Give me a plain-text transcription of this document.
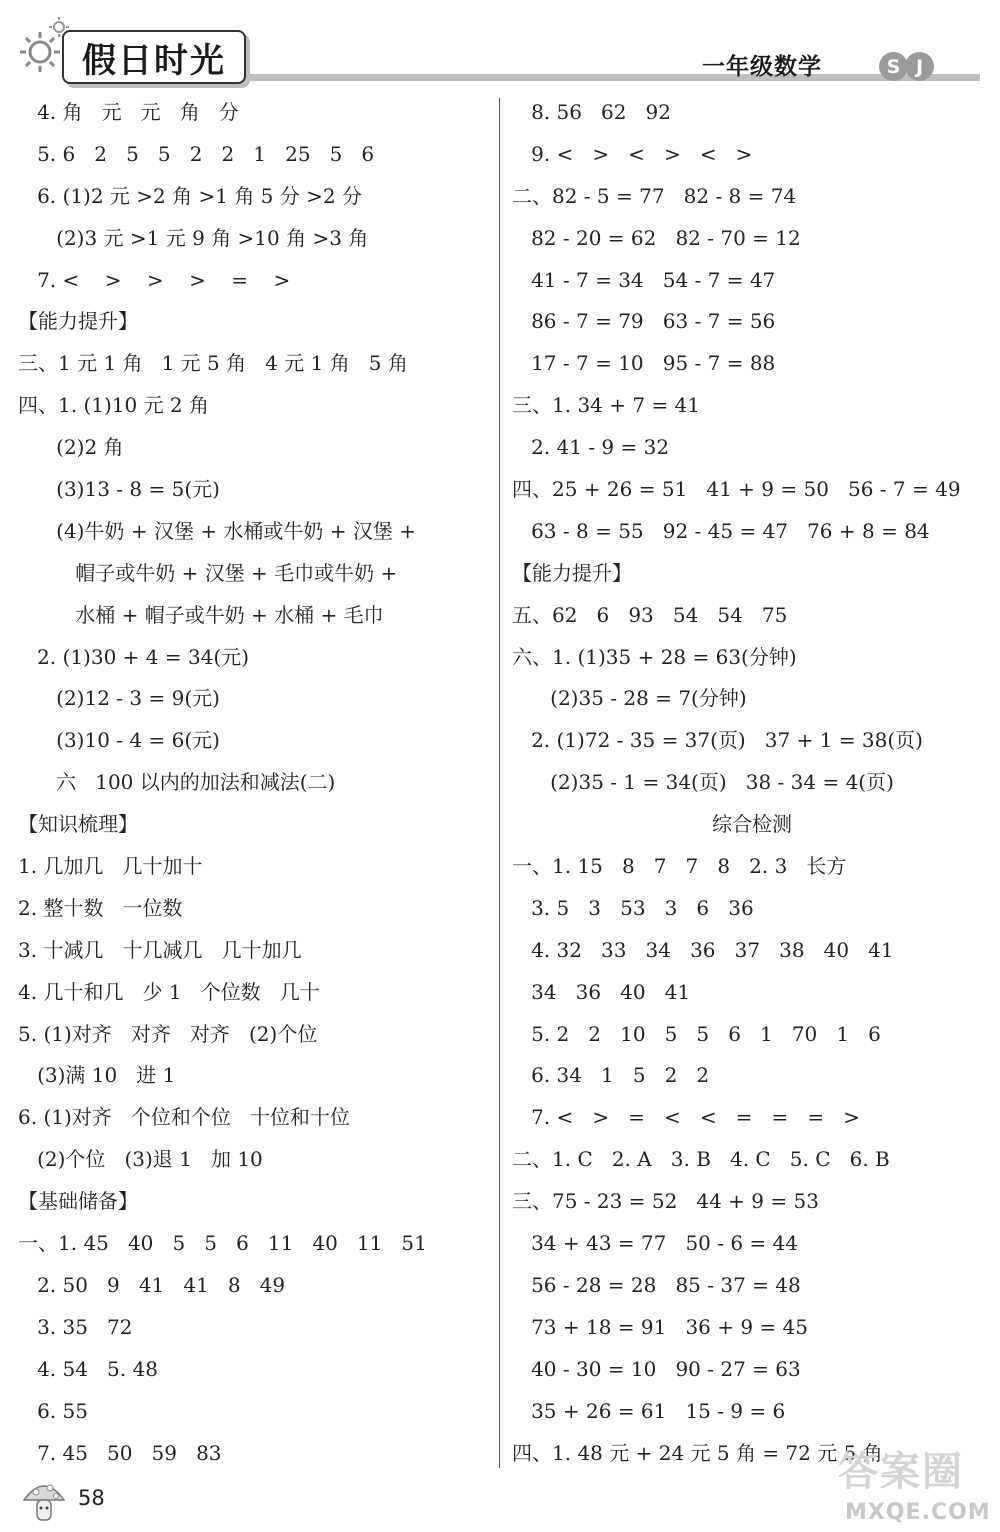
假日时光	一年级数学	S J
4. 角   元   元   角   分
5. 6   2   5   5   2   2   1   25   5   6
6. (1)2 元 >2 角 >1 角 5 分 >2 分
(2)3 元 >1 元 9 角 >10 角 >3 角
7. <    >    >    >    =    >
【能力提升】
三、1 元 1 角   1 元 5 角   4 元 1 角   5 角
四、1. (1)10 元 2 角
(2)2 角
(3)13 - 8 = 5(元)
(4)牛奶 + 汉堡 + 水桶或牛奶 + 汉堡 +
帽子或牛奶 + 汉堡 + 毛巾或牛奶 +
水桶 + 帽子或牛奶 + 水桶 + 毛巾
2. (1)30 + 4 = 34(元)
(2)12 - 3 = 9(元)
(3)10 - 4 = 6(元)
六   100 以内的加法和减法(二)
【知识梳理】
1. 几加几   几十加十
2. 整十数   一位数
3. 十减几   十几减几   几十加几
4. 几十和几   少 1   个位数   几十
5. (1)对齐   对齐   对齐   (2)个位
(3)满 10   进 1
6. (1)对齐   个位和个位   十位和十位
(2)个位   (3)退 1   加 10
【基础储备】
一、1. 45   40   5   5   6   11   40   11   51
2. 50   9   41   41   8   49
3. 35   72
4. 54   5. 48
6. 55
7. 45   50   59   83
8. 56   62   92
9. <   >   <   >   <   >
二、82 - 5 = 77   82 - 8 = 74
82 - 20 = 62   82 - 70 = 12
41 - 7 = 34   54 - 7 = 47
86 - 7 = 79   63 - 7 = 56
17 - 7 = 10   95 - 7 = 88
三、1. 34 + 7 = 41
2. 41 - 9 = 32
四、25 + 26 = 51   41 + 9 = 50   56 - 7 = 49
63 - 8 = 55   92 - 45 = 47   76 + 8 = 84
【能力提升】
五、62   6   93   54   54   75
六、1. (1)35 + 28 = 63(分钟)
(2)35 - 28 = 7(分钟)
2. (1)72 - 35 = 37(页)   37 + 1 = 38(页)
(2)35 - 1 = 34(页)   38 - 34 = 4(页)
综合检测
一、1. 15   8   7   7   8   2. 3   长方
3. 5   3   53   3   6   36
4. 32   33   34   36   37   38   40   41
34   36   40   41
5. 2   2   10   5   5   6   1   70   1   6
6. 34   1   5   2   2
7. <   >   =   <   <   =   =   =   >
二、1. C   2. A   3. B   4. C   5. C   6. B
三、75 - 23 = 52   44 + 9 = 53
34 + 43 = 77   50 - 6 = 44
56 - 28 = 28   85 - 37 = 48
73 + 18 = 91   36 + 9 = 45
40 - 30 = 10   90 - 27 = 63
35 + 26 = 61   15 - 9 = 6
四、1. 48 元 + 24 元 5 角 = 72 元 5 角
58
答案圈
MXQE.COM
